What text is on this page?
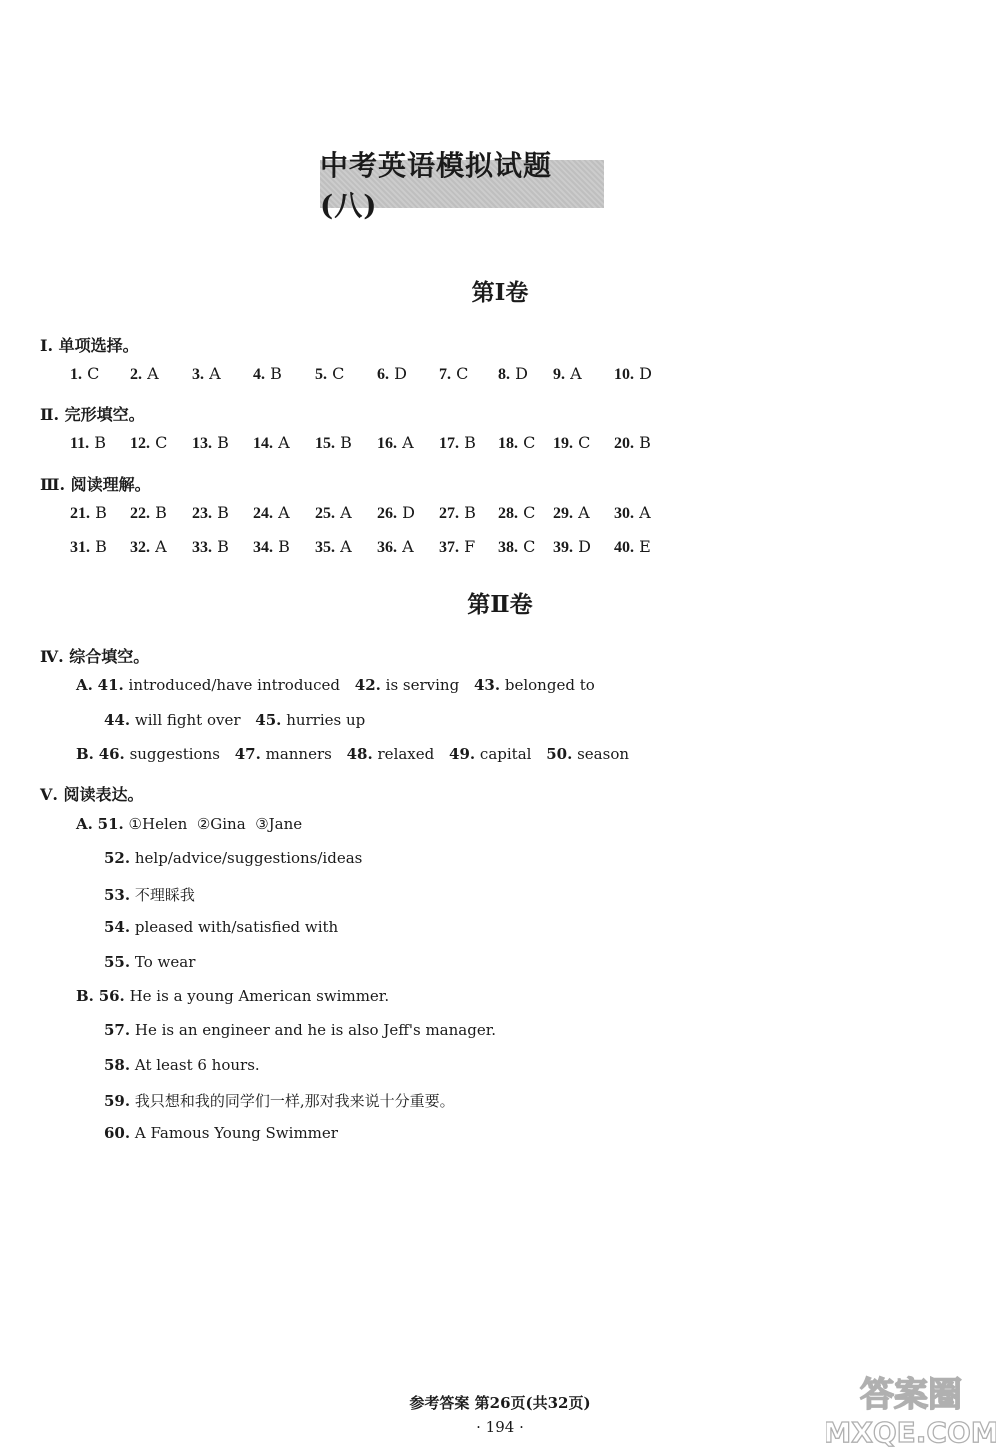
中考英语模拟试题(八)
第Ⅰ卷
Ⅰ. 单项选择。
1. C 2. A 3. A 4. B 5. C 6. D 7. C 8. D 9. A 10. D
Ⅱ. 完形填空。
11. B 12. C 13. B 14. A 15. B 16. A 17. B 18. C 19. C 20. B
Ⅲ. 阅读理解。
21. B 22. B 23. B 24. A 25. A 26. D 27. B 28. C 29. A 30. A
31. B 32. A 33. B 34. B 35. A 36. A 37. F 38. C 39. D 40. E
第Ⅱ卷
Ⅳ. 综合填空。
A. 41. introduced/have introduced 42. is serving 43. belonged to
44. will fight over 45. hurries up
B. 46. suggestions 47. manners 48. relaxed 49. capital 50. season
Ⅴ. 阅读表达。
A. 51. ①Helen  ②Gina  ③Jane
52. help/advice/suggestions/ideas
53. 不理睬我
54. pleased with/satisfied with
55. To wear
B. 56. He is a young American swimmer.
57. He is an engineer and he is also Jeff's manager.
58. At least 6 hours.
59. 我只想和我的同学们一样,那对我来说十分重要。
60. A Famous Young Swimmer
参考答案 第26页(共32页)
· 194 ·
答案圈
MXQE.COM
